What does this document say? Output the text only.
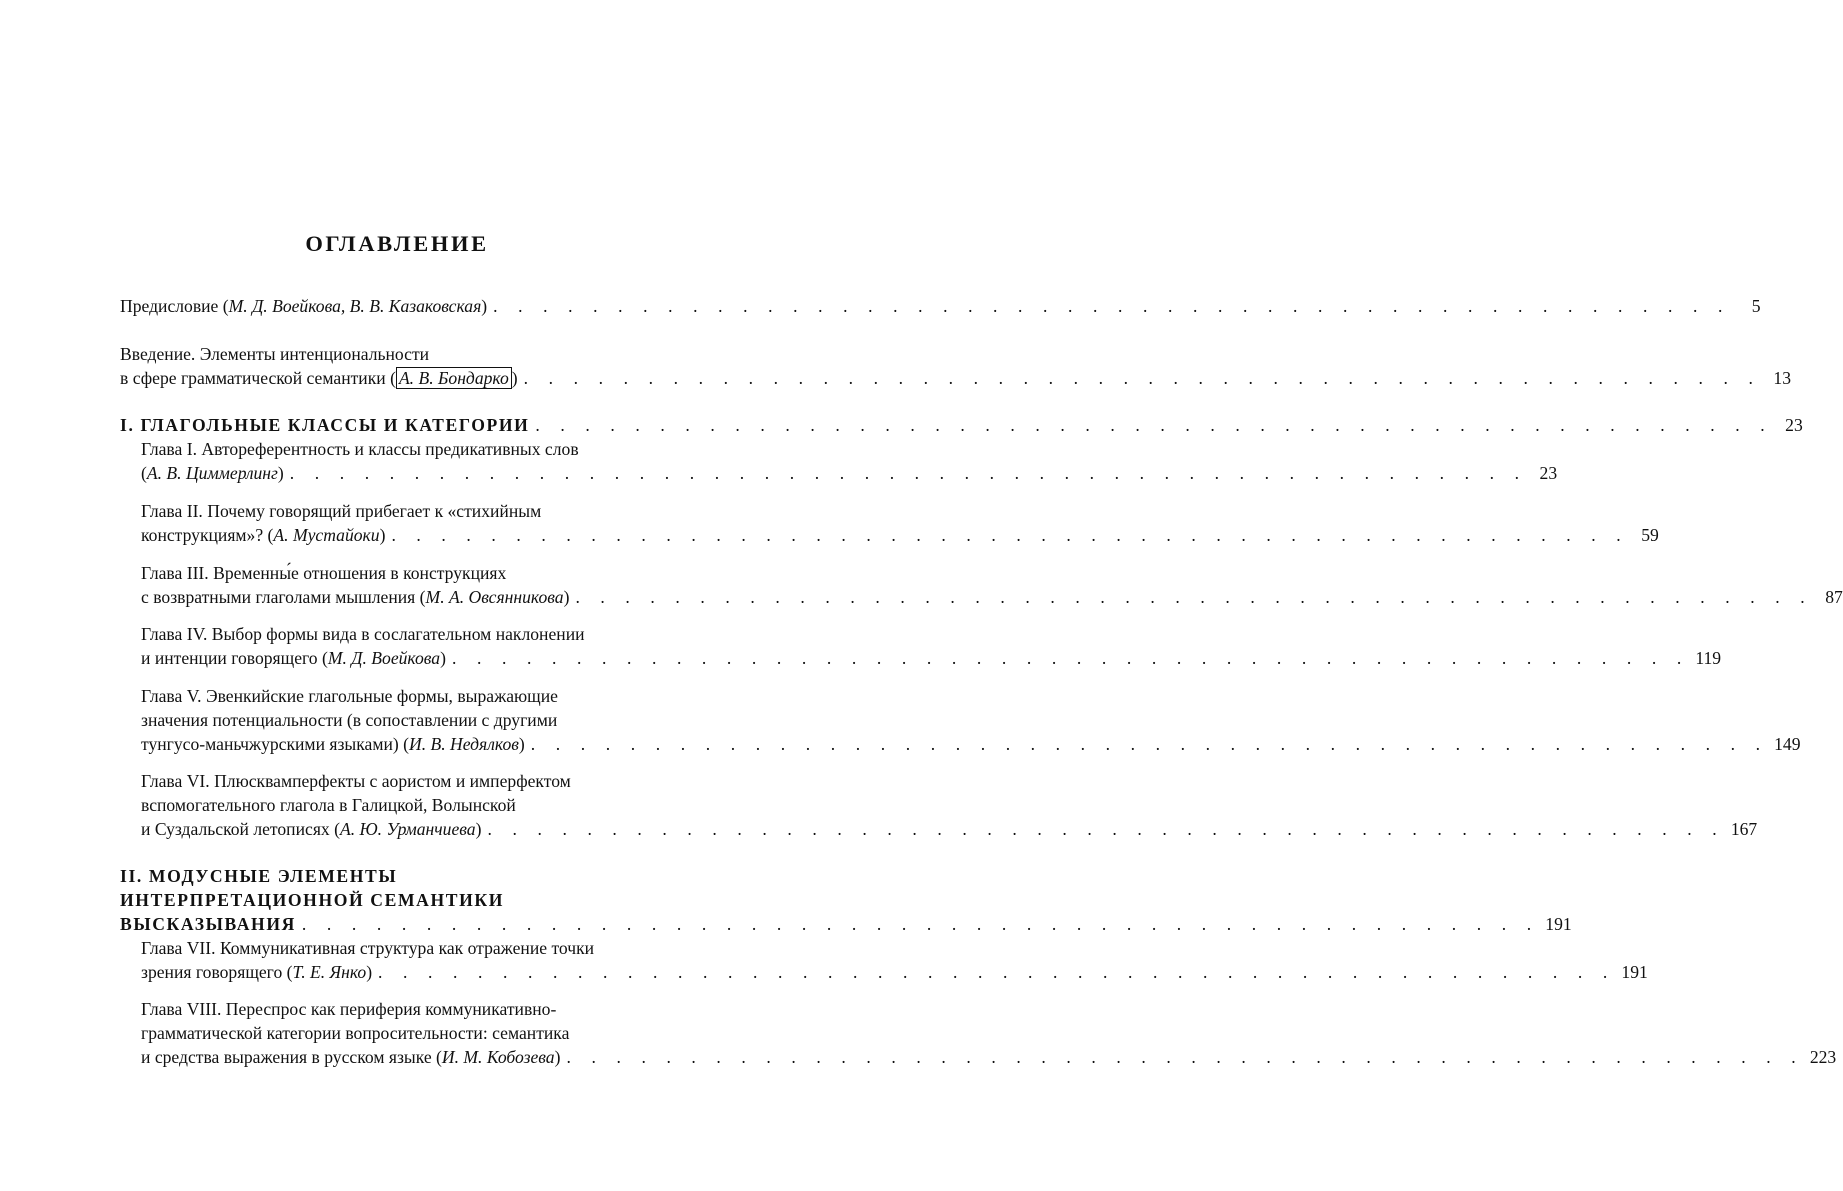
ОГЛАВЛЕНИЕ
Предисловие (М. Д. Воейкова, В. В. Казаковская) . . . . . . . . . . . . . . . . . . . . . . . . . . . . . . . . . . . . . . . . . . . . . . . . . .	5
Введение. Элементы интенциональности
в сфере грамматической семантики ( А. В. Бондарко ) . . . . . . . . . . . . . . . . . . . . . . . . . . . . . . . . . . . . . . . . . . . . . . . . . . 13
I. ГЛАГОЛЬНЫЕ КЛАССЫ И КАТЕГОРИИ . . . . . . . . . . . . . . . . . . . . . . . . . . . . . . . . . . . . . . . . . . . . . . . . . . 23
Глава I. Автореферентность и классы предикативных слов
(А. В. Циммерлинг) . . . . . . . . . . . . . . . . . . . . . . . . . . . . . . . . . . . . . . . . . . . . . . . . . . 23
Глава II. Почему говорящий прибегает к «стихийным
конструкциям»? (А. Мустайоки) . . . . . . . . . . . . . . . . . . . . . . . . . . . . . . . . . . . . . . . . . . . . . . . . . . 59
Глава III. Временны́е отношения в конструкциях
с возвратными глаголами мышления (М. А. Овсянникова) . . . . . . . . . . . . . . . . . . . . . . . . . . . . . . . . . . . . . . . . . . . . . . . . . . 87
Глава IV. Выбор формы вида в сослагательном наклонении
и интенции говорящего (М. Д. Воейкова) . . . . . . . . . . . . . . . . . . . . . . . . . . . . . . . . . . . . . . . . . . . . . . . . . . 119
Глава V. Эвенкийские глагольные формы, выражающие
значения потенциальности (в сопоставлении с другими
тунгусо-маньчжурскими языками) (И. В. Недялков) . . . . . . . . . . . . . . . . . . . . . . . . . . . . . . . . . . . . . . . . . . . . . . . . . . 149
Глава VI. Плюсквамперфекты с аористом и имперфектом
вспомогательного глагола в Галицкой, Волынской
и Суздальской летописях (А. Ю. Урманчиева) . . . . . . . . . . . . . . . . . . . . . . . . . . . . . . . . . . . . . . . . . . . . . . . . . . 167
II. МОДУСНЫЕ ЭЛЕМЕНТЫ
ИНТЕРПРЕТАЦИОННОЙ СЕМАНТИКИ
ВЫСКАЗЫВАНИЯ . . . . . . . . . . . . . . . . . . . . . . . . . . . . . . . . . . . . . . . . . . . . . . . . . . 191
Глава VII. Коммуникативная структура как отражение точки
зрения говорящего (Т. Е. Янко) . . . . . . . . . . . . . . . . . . . . . . . . . . . . . . . . . . . . . . . . . . . . . . . . . . 191
Глава VIII. Переспрос как периферия коммуникативно-
грамматической категории вопросительности: семантика
и средства выражения в русском языке (И. М. Кобозева) . . . . . . . . . . . . . . . . . . . . . . . . . . . . . . . . . . . . . . . . . . . . . . . . . . 223
